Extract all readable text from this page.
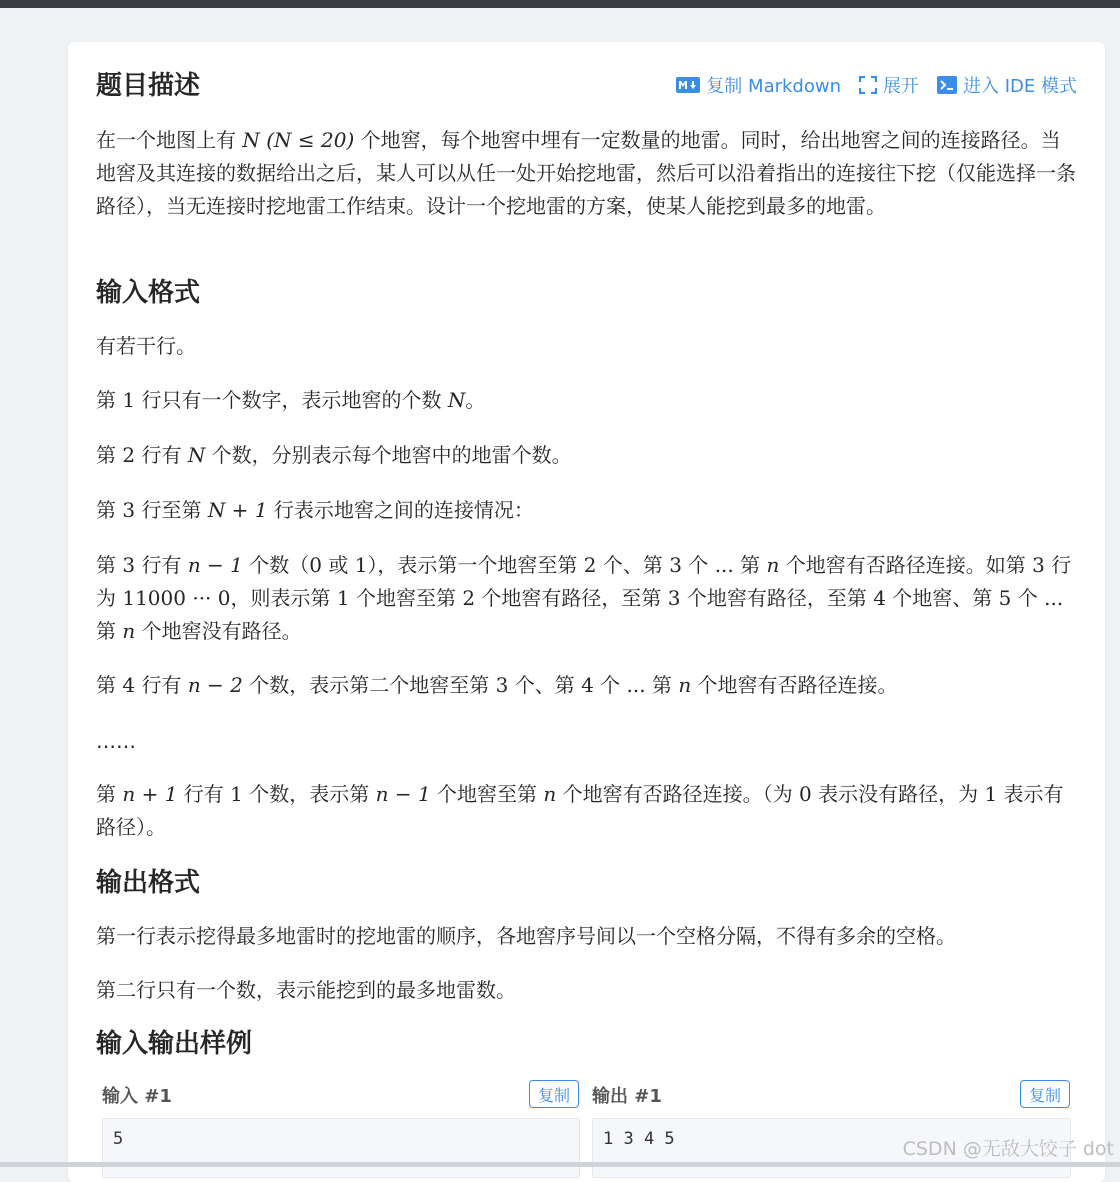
题目描述	复制 Markdown 展开 进入 IDE 模式

在一个地图上有 N (N ≤ 20) 个地窖，每个地窖中埋有一定数量的地雷。同时，给出地窖之间的连接路径。当地窖及其连接的数据给出之后，某人可以从任一处开始挖地雷，然后可以沿着指出的连接往下挖（仅能选择一条路径），当无连接时挖地雷工作结束。设计一个挖地雷的方案，使某人能挖到最多的地雷。

输入格式

有若干行。

第 1 行只有一个数字，表示地窖的个数 N。

第 2 行有 N 个数，分别表示每个地窖中的地雷个数。

第 3 行至第 N + 1 行表示地窖之间的连接情况：

第 3 行有 n − 1 个数（0 或 1），表示第一个地窖至第 2 个、第 3 个 ... 第 n 个地窖有否路径连接。如第 3 行为 11000 ··· 0，则表示第 1 个地窖至第 2 个地窖有路径，至第 3 个地窖有路径，至第 4 个地窖、第 5 个 ... 第 n 个地窖没有路径。

第 4 行有 n − 2 个数，表示第二个地窖至第 3 个、第 4 个 ... 第 n 个地窖有否路径连接。

……

第 n + 1 行有 1 个数，表示第 n − 1 个地窖至第 n 个地窖有否路径连接。（为 0 表示没有路径，为 1 表示有路径）。

输出格式

第一行表示挖得最多地雷时的挖地雷的顺序，各地窖序号间以一个空格分隔，不得有多余的空格。

第二行只有一个数，表示能挖到的最多地雷数。

输入输出样例
输入 #1	复制	输出 #1	复制
5	1 3 4 5	CSDN @无敌大饺子 dot
